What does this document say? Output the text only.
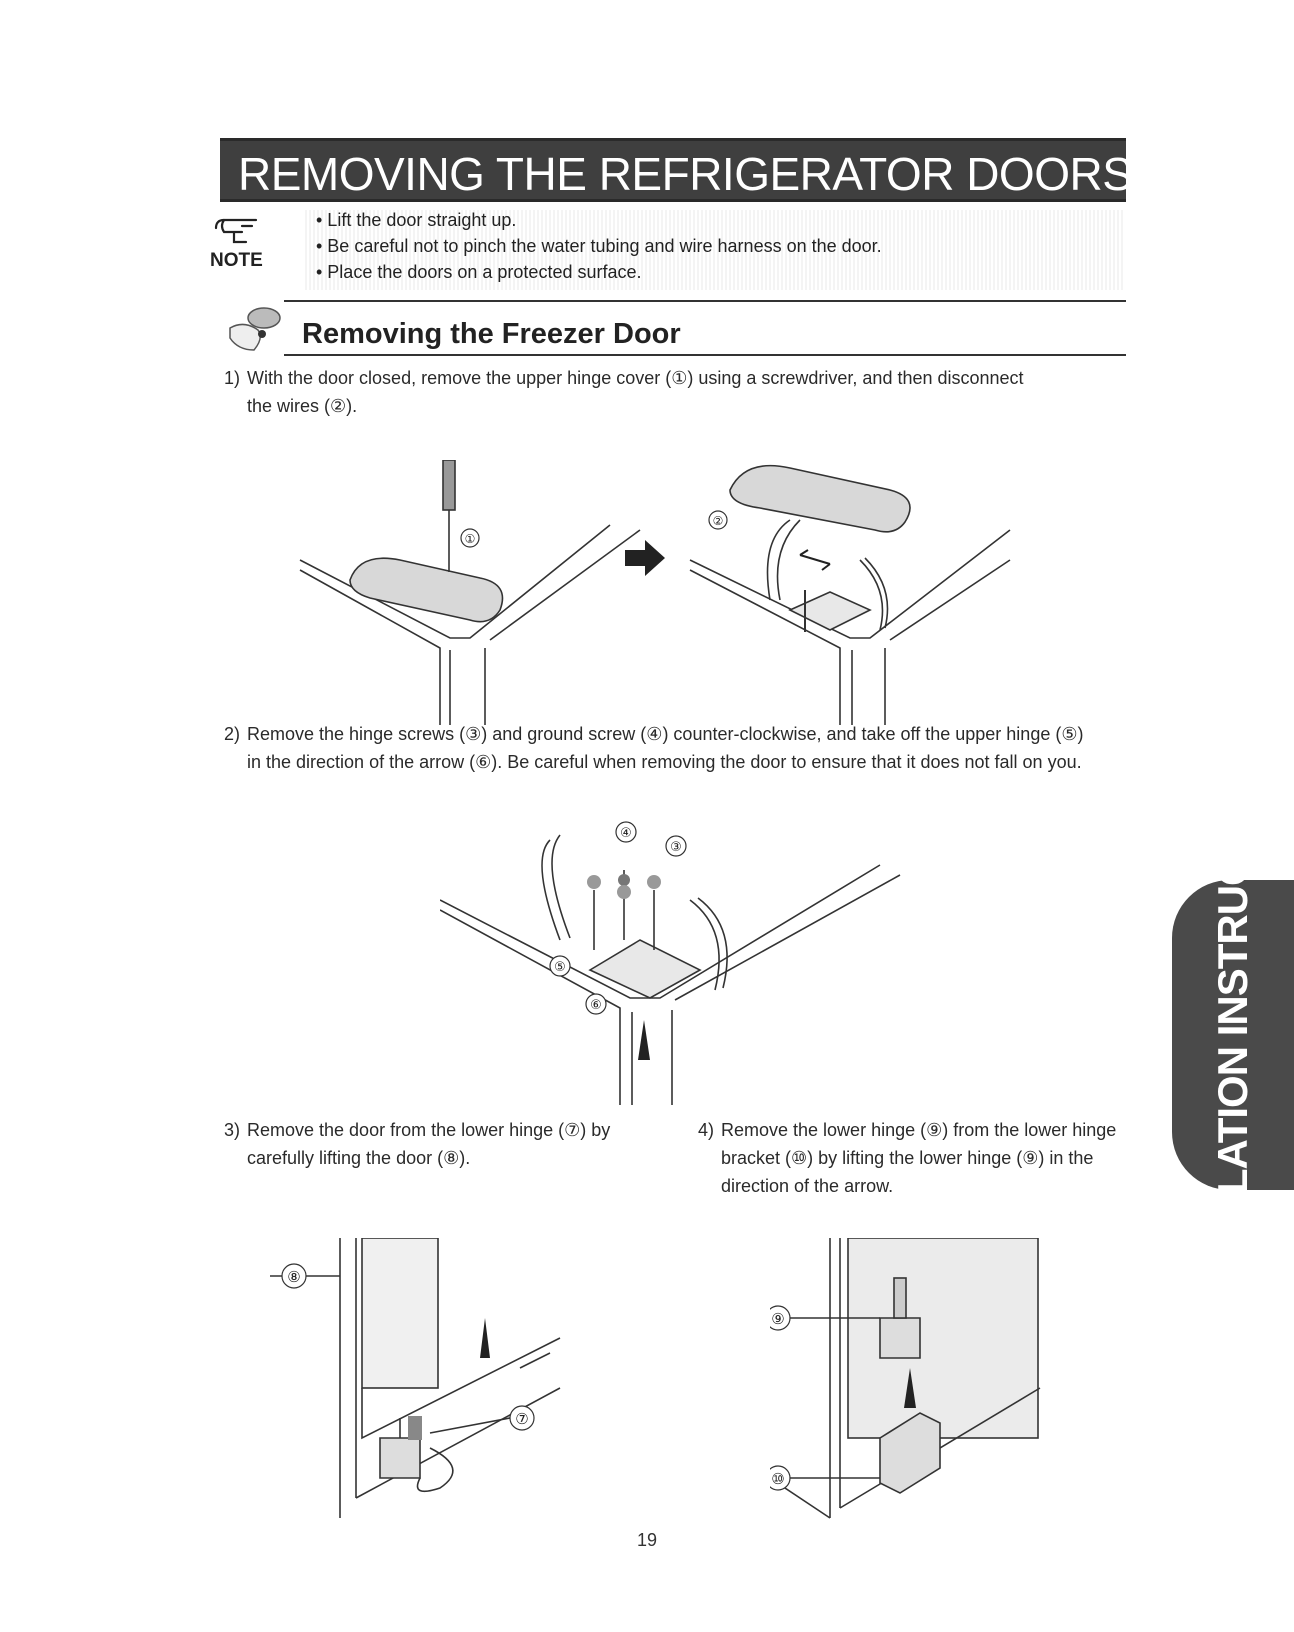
REMOVING THE REFRIGERATOR DOORS
NOTE
• Lift the door straight up.
• Be careful not to pinch the water tubing and wire harness on the door.
• Place the doors on a protected surface.
Removing the Freezer Door
1) With the door closed, remove the upper hinge cover (①) using a screwdriver, and then disconnect
the wires (②).
①
②
2) Remove the hinge screws (③) and ground screw (④) counter-clockwise, and take off the upper hinge (⑤)
in the direction of the arrow (⑥). Be careful when removing the door to ensure that it does not fall on you.
④
③
⑤
⑥
3) Remove the door from the lower hinge (⑦) by
carefully lifting the door (⑧).
4) Remove the lower hinge (⑨) from the lower hinge
bracket (⑩) by lifting the lower hinge (⑨) in the
direction of the arrow.
⑧
⑦
⑨
⑩
INSTALLATION INSTRUCTIONS
19
